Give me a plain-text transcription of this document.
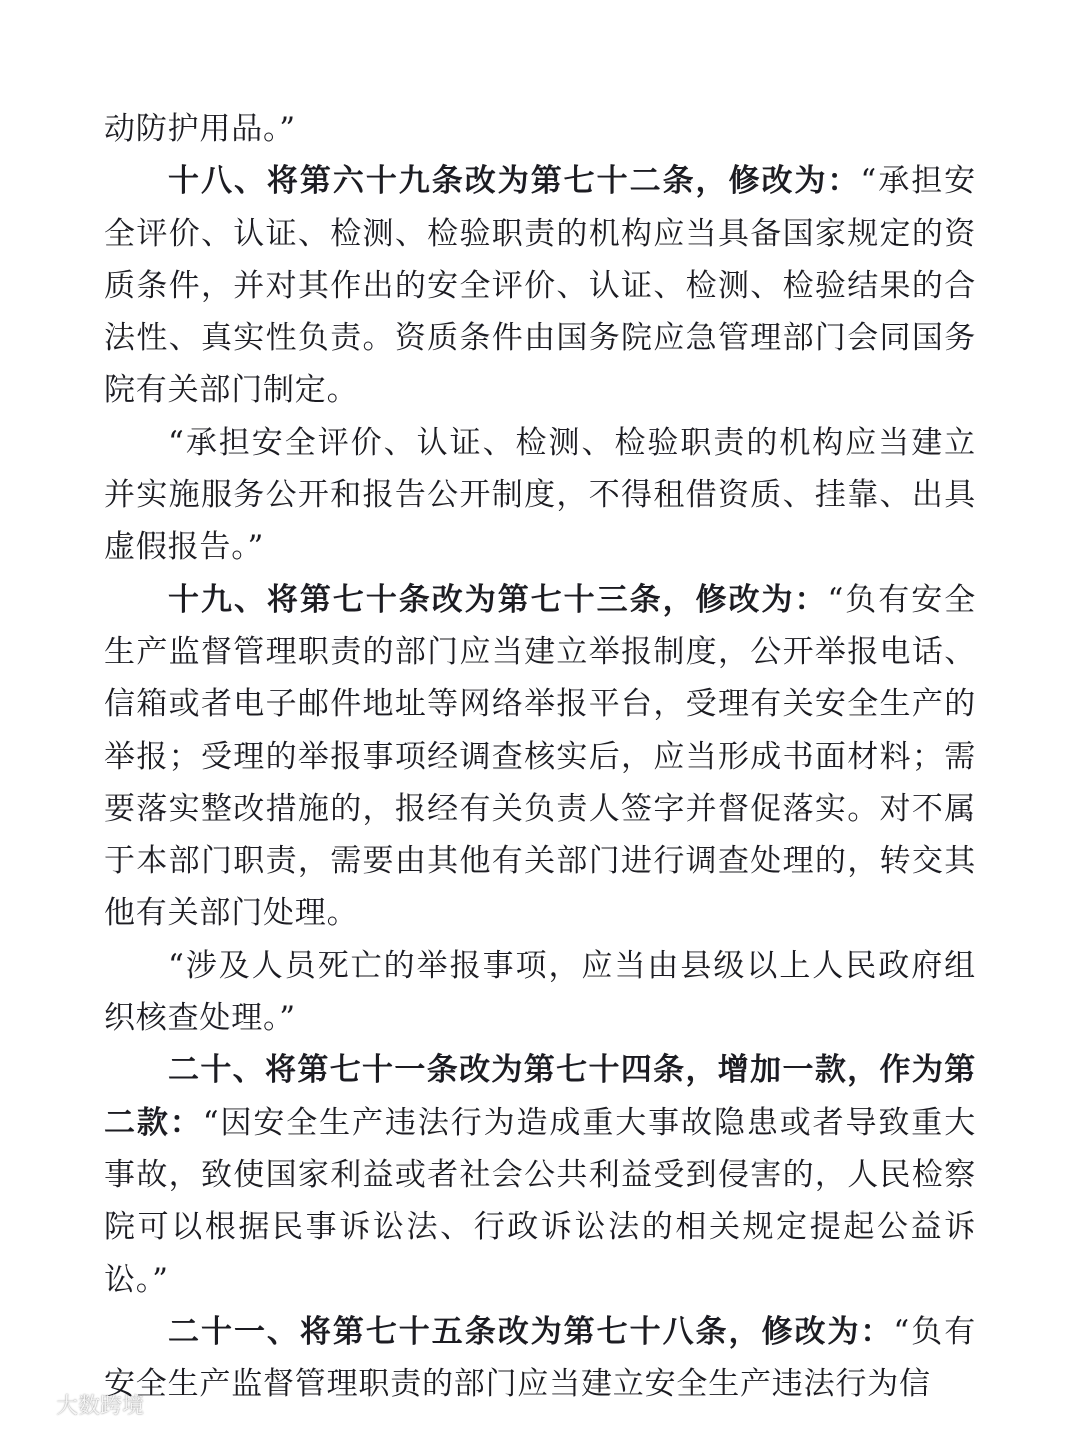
动防护用品。”

十八、将第六十九条改为第七十二条，修改为：“承担安全评价、认证、检测、检验职责的机构应当具备国家规定的资质条件，并对其作出的安全评价、认证、检测、检验结果的合法性、真实性负责。资质条件由国务院应急管理部门会同国务院有关部门制定。

“承担安全评价、认证、检测、检验职责的机构应当建立并实施服务公开和报告公开制度，不得租借资质、挂靠、出具虚假报告。”

十九、将第七十条改为第七十三条，修改为：“负有安全生产监督管理职责的部门应当建立举报制度，公开举报电话、信箱或者电子邮件地址等网络举报平台，受理有关安全生产的举报；受理的举报事项经调查核实后，应当形成书面材料；需要落实整改措施的，报经有关负责人签字并督促落实。对不属于本部门职责，需要由其他有关部门进行调查处理的，转交其他有关部门处理。

“涉及人员死亡的举报事项，应当由县级以上人民政府组织核查处理。”

二十、将第七十一条改为第七十四条，增加一款，作为第二款：“因安全生产违法行为造成重大事故隐患或者导致重大事故，致使国家利益或者社会公共利益受到侵害的，人民检察院可以根据民事诉讼法、行政诉讼法的相关规定提起公益诉讼。”

二十一、将第七十五条改为第七十八条，修改为：“负有安全生产监督管理职责的部门应当建立安全生产违法行为信

大数跨境
